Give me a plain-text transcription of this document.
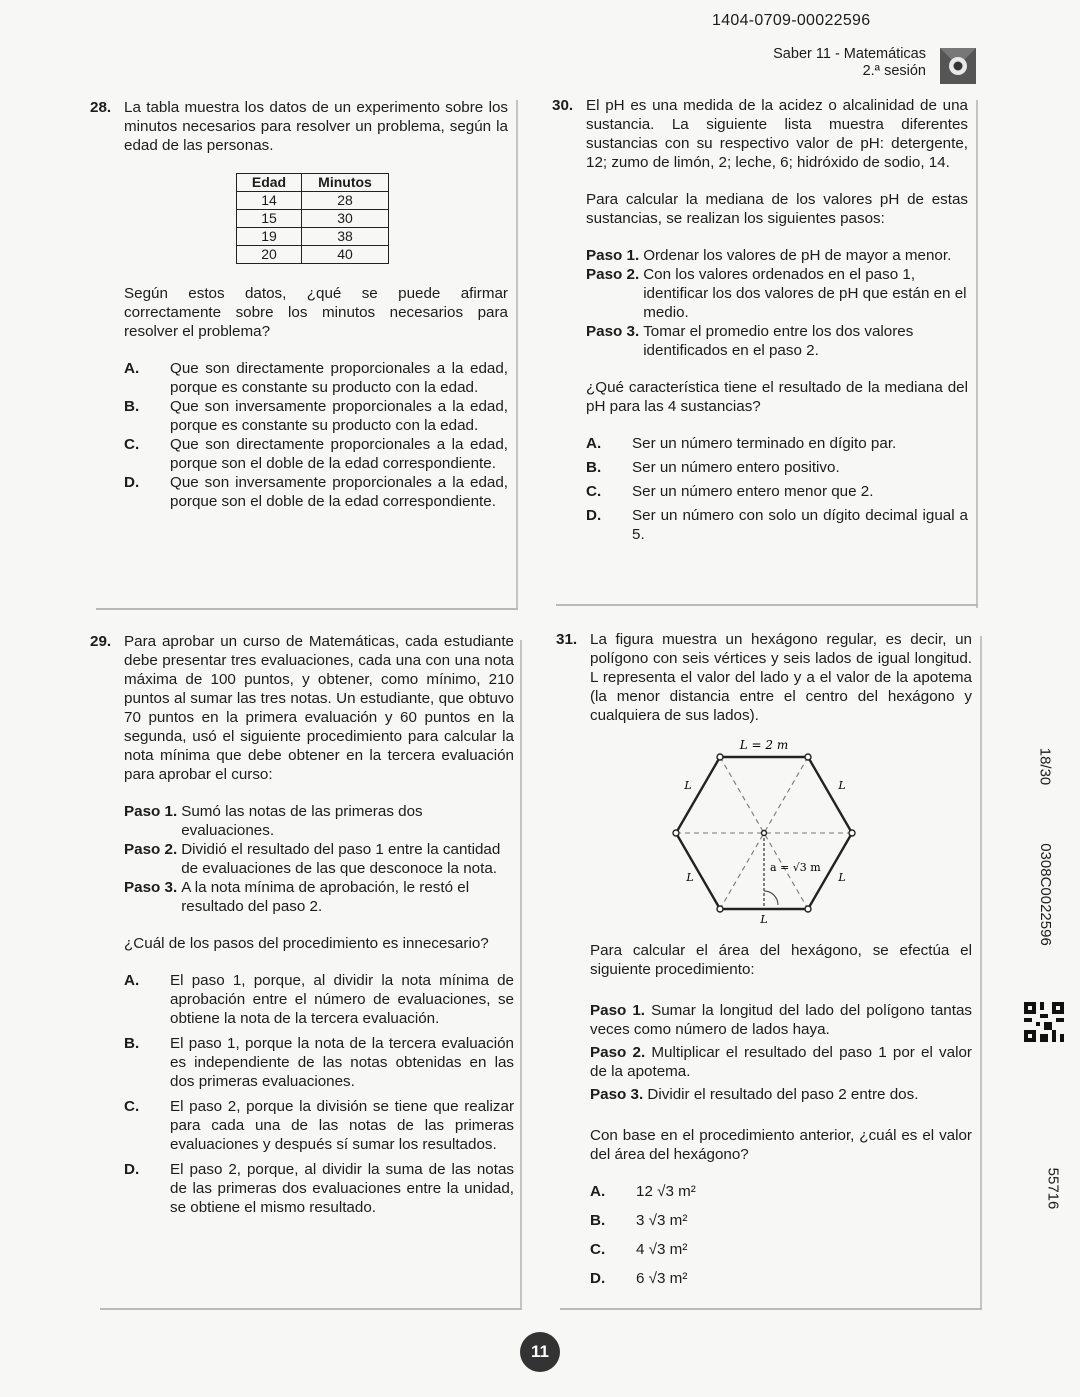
1404-0709-00022596
Saber 11 - Matemáticas
2.ª sesión
28. La tabla muestra los datos de un experimento sobre los minutos necesarios para resolver un problema, según la edad de las personas.
Edad	Minutos
14	28
15	30
19	38
20	40
Según estos datos, ¿qué se puede afirmar correctamente sobre los minutos necesarios para resolver el problema?
A.	Que son directamente proporcionales a la edad, porque es constante su producto con la edad.
B.	Que son inversamente proporcionales a la edad, porque es constante su producto con la edad.
C.	Que son directamente proporcionales a la edad, porque son el doble de la edad correspondiente.
D.	Que son inversamente proporcionales a la edad, porque son el doble de la edad correspondiente.
29. Para aprobar un curso de Matemáticas, cada estudiante debe presentar tres evaluaciones, cada una con una nota máxima de 100 puntos, y obtener, como mínimo, 210 puntos al sumar las tres notas. Un estudiante, que obtuvo 70 puntos en la primera evaluación y 60 puntos en la segunda, usó el siguiente procedimiento para calcular la nota mínima que debe obtener en la tercera evaluación para aprobar el curso:
Paso 1. Sumó las notas de las primeras dos evaluaciones.
Paso 2. Dividió el resultado del paso 1 entre la cantidad de evaluaciones de las que desconoce la nota.
Paso 3. A la nota mínima de aprobación, le restó el resultado del paso 2.
¿Cuál de los pasos del procedimiento es innecesario?
A.	El paso 1, porque, al dividir la nota mínima de aprobación entre el número de evaluaciones, se obtiene la nota de la tercera evaluación.
B.	El paso 1, porque la nota de la tercera evaluación es independiente de las notas obtenidas en las dos primeras evaluaciones.
C.	El paso 2, porque la división se tiene que realizar para cada una de las notas de las primeras evaluaciones y después sí sumar los resultados.
D.	El paso 2, porque, al dividir la suma de las notas de las primeras dos evaluaciones entre la unidad, se obtiene el mismo resultado.
30. El pH es una medida de la acidez o alcalinidad de una sustancia. La siguiente lista muestra diferentes sustancias con su respectivo valor de pH: detergente, 12; zumo de limón, 2; leche, 6; hidróxido de sodio, 14.
Para calcular la mediana de los valores pH de estas sustancias, se realizan los siguientes pasos:
Paso 1. Ordenar los valores de pH de mayor a menor.
Paso 2. Con los valores ordenados en el paso 1, identificar los dos valores de pH que están en el medio.
Paso 3. Tomar el promedio entre los dos valores identificados en el paso 2.
¿Qué característica tiene el resultado de la mediana del pH para las 4 sustancias?
A.	Ser un número terminado en dígito par.
B.	Ser un número entero positivo.
C.	Ser un número entero menor que 2.
D.	Ser un número con solo un dígito decimal igual a 5.
31. La figura muestra un hexágono regular, es decir, un polígono con seis vértices y seis lados de igual longitud. L representa el valor del lado y a el valor de la apotema (la menor distancia entre el centro del hexágono y cualquiera de sus lados).
L = 2 m
L	L
L	L
L
a = √3 m
Para calcular el área del hexágono, se efectúa el siguiente procedimiento:
Paso 1. Sumar la longitud del lado del polígono tantas veces como número de lados haya.
Paso 2. Multiplicar el resultado del paso 1 por el valor de la apotema.
Paso 3. Dividir el resultado del paso 2 entre dos.
Con base en el procedimiento anterior, ¿cuál es el valor del área del hexágono?
A.	12 √3 m²
B.	3 √3 m²
C.	4 √3 m²
D.	6 √3 m²
18/30
0308C0022596
55716
11
